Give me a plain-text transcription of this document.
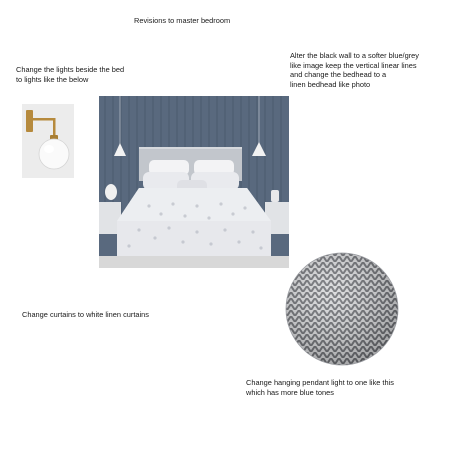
Revisions to master bedroom
Change the lights beside the bed
to lights like the below
Alter the black wall to a softer blue/grey
like image keep the vertical linear lines
and change the bedhead to a
linen bedhead like photo
Change curtains to white linen curtains
Change hanging pendant light to one like this
which has more blue tones
